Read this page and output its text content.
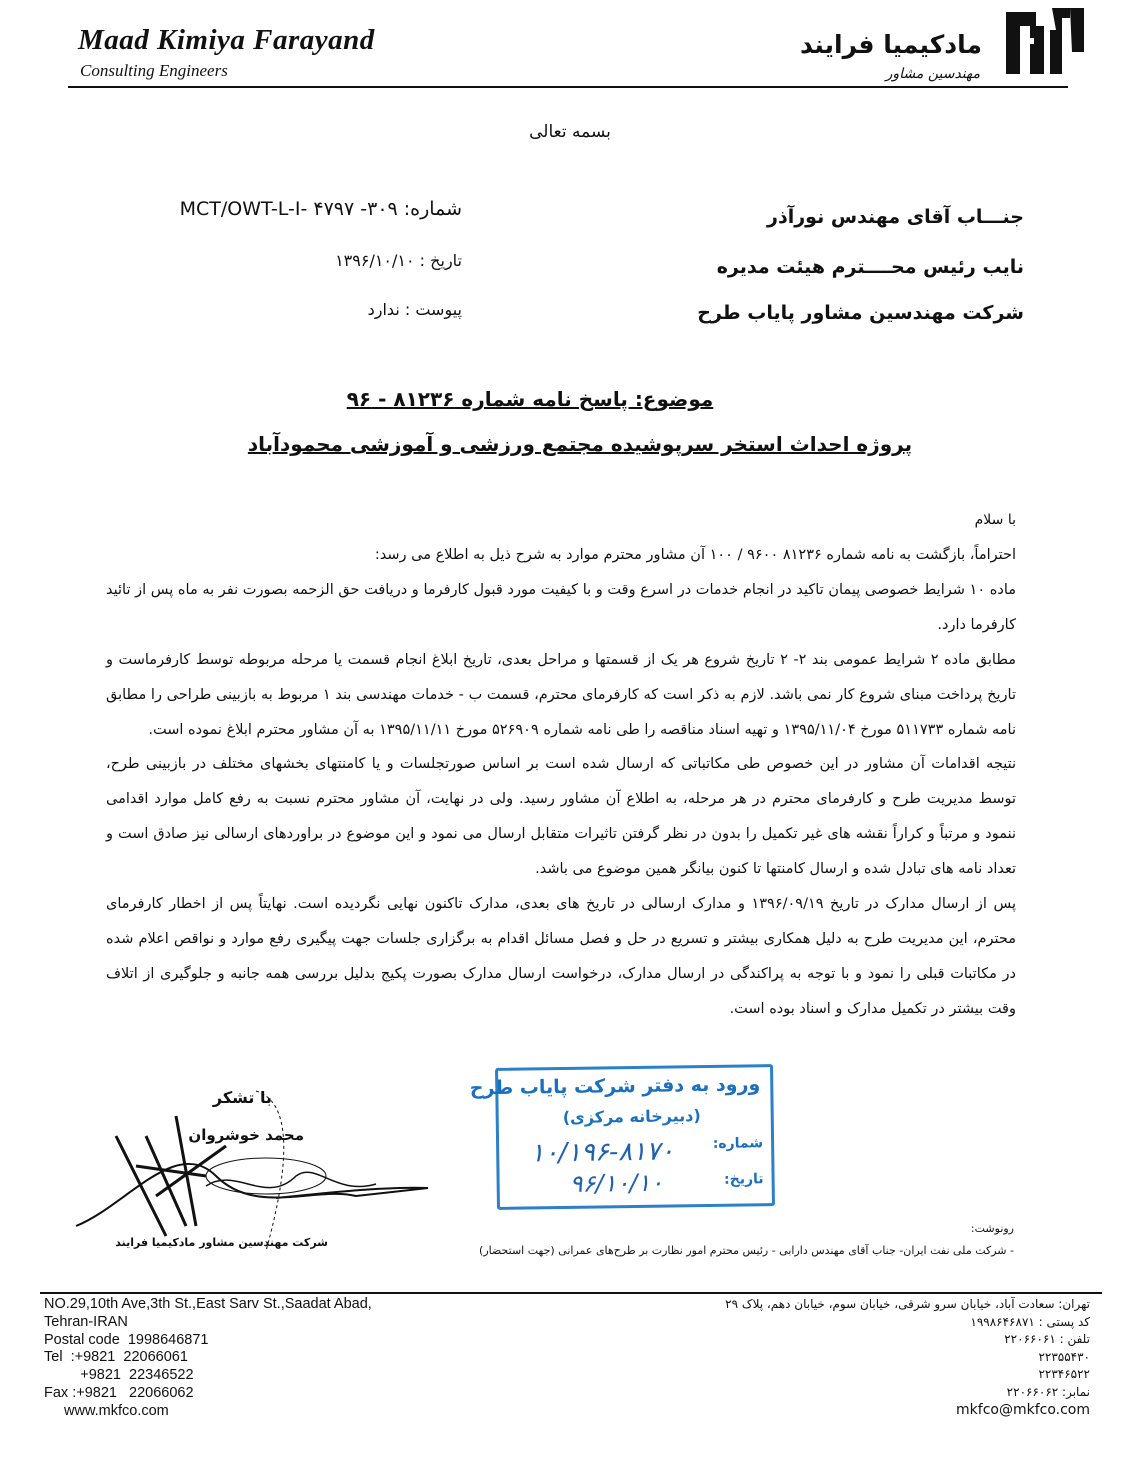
مادکیمیا فرایند
مهندسین مشاور
Maad Kimiya Farayand
Consulting Engineers
بسمه تعالی
شماره: ۳۰۹- MCT/OWT-L-I- ۴۷۹۷
تاریخ : ۱۳۹۶/۱۰/۱۰
پیوست : ندارد
جنـــاب آقای مهندس نورآذر
نایب رئیس محــــترم هیئت مدیره
شرکت مهندسین مشاور پایاب طرح
موضوع: پاسخ نامه شماره ۸۱۲۳۶ - ۹۶
پروژه احداث استخر سرپوشیده مجتمع ورزشی و آموزشی محمودآباد
با سلام

احتراماً، بازگشت به نامه شماره ۸۱۲۳۶ ۹۶۰۰ / ۱۰۰ آن مشاور محترم موارد به شرح ذیل به اطلاع می رسد:

ماده ۱۰ شرایط خصوصی پیمان تاکید در انجام خدمات در اسرع وقت و با کیفیت مورد قبول کارفرما و دریافت حق الزحمه بصورت نفر به ماه پس از تائید کارفرما دارد.

مطابق ماده ۲ شرایط عمومی بند ۲- ۲ تاریخ شروع هر یک از قسمتها و مراحل بعدی، تاریخ ابلاغ انجام قسمت یا مرحله مربوطه توسط کارفرماست و تاریخ پرداخت مبنای شروع کار نمی باشد. لازم به ذکر است که کارفرمای محترم، قسمت ب - خدمات مهندسی بند ۱ مربوط به بازبینی طراحی را مطابق نامه شماره ۵۱۱۷۳۳ مورخ ۱۳۹۵/۱۱/۰۴ و تهیه اسناد مناقصه را طی نامه شماره ۵۲۶۹۰۹ مورخ ۱۳۹۵/۱۱/۱۱ به آن مشاور محترم ابلاغ نموده است.

نتیجه اقدامات آن مشاور در این خصوص طی مکاتباتی که ارسال شده است بر اساس صورتجلسات و یا کامنتهای بخشهای مختلف در بازبینی طرح، توسط مدیریت طرح و کارفرمای محترم در هر مرحله، به اطلاع آن مشاور رسید. ولی در نهایت، آن مشاور محترم نسبت به رفع کامل موارد اقدامی ننمود و مرتباً و کراراً نقشه های غیر تکمیل را بدون در نظر گرفتن تاثیرات متقابل ارسال می نمود و این موضوع در براوردهای ارسالی نیز صادق است و تعداد نامه های تبادل شده و ارسال کامنتها تا کنون بیانگر همین موضوع می باشد.

پس از ارسال مدارک در تاریخ ۱۳۹۶/۰۹/۱۹ و مدارک ارسالی در تاریخ های بعدی، مدارک تاکنون نهایی نگردیده است. نهایتاً پس از اخطار کارفرمای محترم، این مدیریت طرح به دلیل همکاری بیشتر و تسریع در حل و فصل مسائل اقدام به برگزاری جلسات جهت پیگیری رفع موارد و نواقص اعلام شده در مکاتبات قبلی را نمود و با توجه به پراکندگی در ارسال مدارک، درخواست ارسال مدارک بصورت پکیج بدلیل بررسی همه جانبه و جلوگیری از اتلاف وقت بیشتر در تکمیل مدارک و اسناد بوده است.

با تشکر
محمد خوشروان
شرکت مهندسین مشاور مادکیمیا فرایند
ورود به دفتر شرکت پایاب طرح
(دبیرخانه مرکزی)
شماره:
تاریخ:
۱۰/۱۹۶-۸۱۷۰
۹۶/۱۰/۱۰
رونوشت:
- شرکت ملی نفت ایران- جناب آقای مهندس دارابی - رئیس محترم امور نظارت بر طرح‌های عمرانی (جهت استحضار)
NO.29,10th Ave,3th St.,East Sarv St.,Saadat Abad,
Tehran-IRAN
Postal code  1998646871
Tel  :+9821  22066061
+9821  22346522
Fax :+9821   22066062
www.mkfco.com
تهران: سعادت آباد، خیابان سرو شرقی، خیابان سوم، خیابان دهم، پلاک ۲۹
کد پستی : ۱۹۹۸۶۴۶۸۷۱
تلفن : ۲۲۰۶۶۰۶۱
۲۲۳۵۵۴۳۰
۲۲۳۴۶۵۲۲
نمابر: ۲۲۰۶۶۰۶۲
mkfco@mkfco.com
